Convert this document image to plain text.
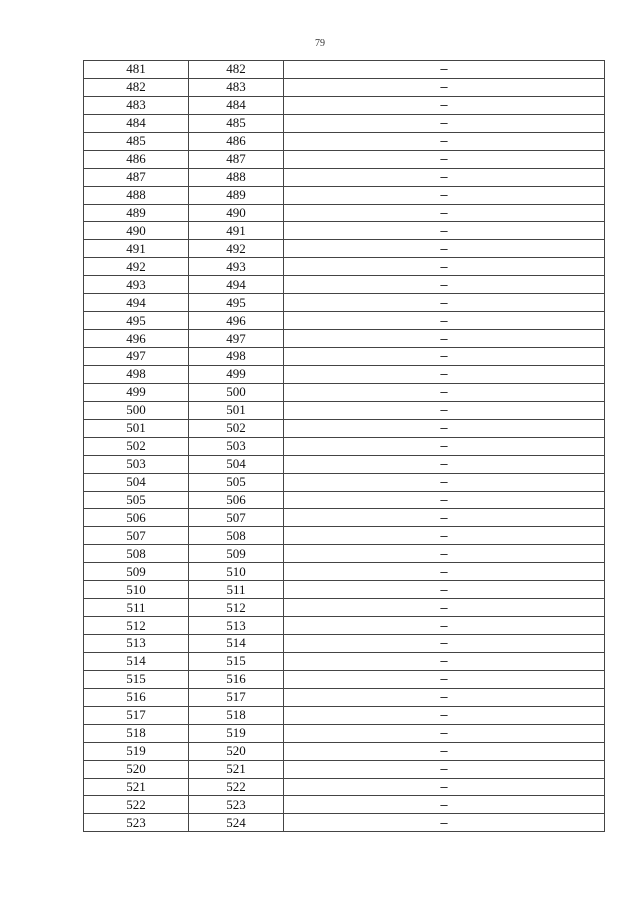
79
481	482	–
482	483	–
483	484	–
484	485	–
485	486	–
486	487	–
487	488	–
488	489	–
489	490	–
490	491	–
491	492	–
492	493	–
493	494	–
494	495	–
495	496	–
496	497	–
497	498	–
498	499	–
499	500	–
500	501	–
501	502	–
502	503	–
503	504	–
504	505	–
505	506	–
506	507	–
507	508	–
508	509	–
509	510	–
510	511	–
511	512	–
512	513	–
513	514	–
514	515	–
515	516	–
516	517	–
517	518	–
518	519	–
519	520	–
520	521	–
521	522	–
522	523	–
523	524	–
